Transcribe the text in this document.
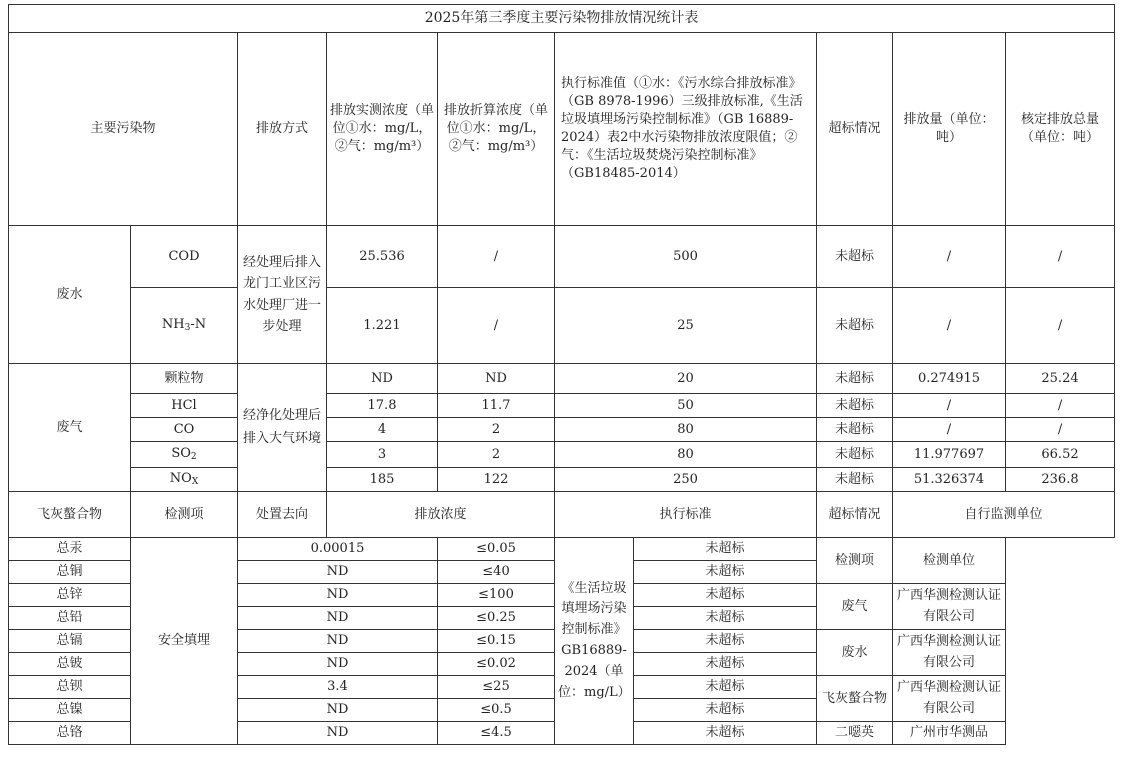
2025年第三季度主要污染物排放情况统计表									
主要污染物		排放方式	排放实测浓度（单位①水：mg/L，②气：mg/m³）	排放折算浓度（单位①水：mg/L，②气：mg/m³）	执行标准值（①水：《污水综合排放标准》（GB 8978-1996）三级排放标准,《生活垃圾填埋场污染控制标准》（GB 16889-2024）表2中水污染物排放浓度限值；②气：《生活垃圾焚烧污染控制标准》（GB18485-2014）		超标情况	排放量（单位：吨）	核定排放总量（单位：吨）
废水	COD	经处理后排入龙门工业区污水处理厂进一步处理	25.536	/	500		未超标	/	/
	$NH_3-N$		1.221	/	25		未超标	/	/
废气	颗粒物	经净化处理后排入大气环境	ND	ND	20		未超标	0.274915	25.24
	HCl		17.8	11.7	50		未超标	/	/
	CO		4	2	80		未超标	/	/
	$SO_2$		3	2	80		未超标	11.977697	66.52
	$NO_X$		185	122	250		未超标	51.326374	236.8
飞灰螯合物	检测项	处置去向	排放浓度		执行标准		超标情况	自行监测单位	
总汞	安全填埋	0.00015		≤0.05	《生活垃圾填埋场污染控制标准》GB16889-2024（单位：mg/L）	未超标	检测项	检测单位	
总铜		ND		≤40		未超标			
总锌		ND		≤100		未超标	废气	广西华测检测认证有限公司	
总铅		ND		≤0.25		未超标			
总镉		ND		≤0.15		未超标	废水	广西华测检测认证有限公司	
总铍		ND		≤0.02		未超标			
总钡		3.4		≤25		未超标	飞灰螯合物	广西华测检测认证有限公司	
总镍		ND		≤0.5		未超标			
总铬		ND		≤4.5		未超标	二噁英	广州市华测品	
